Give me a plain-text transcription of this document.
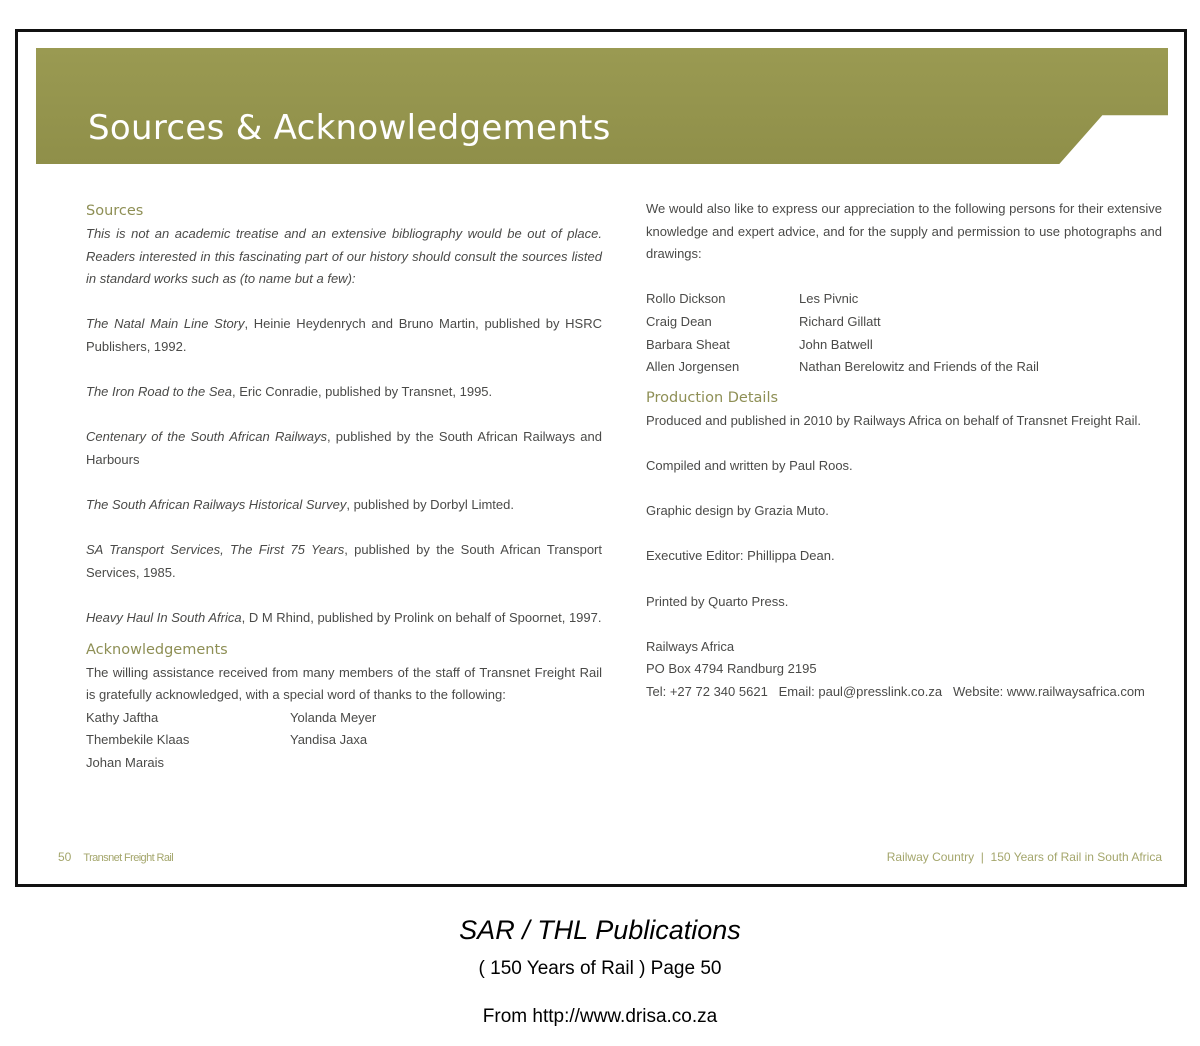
Sources & Acknowledgements
Sources

This is not an academic treatise and an extensive bibliography would be out of place. Readers interested in this fascinating part of our history should consult the sources listed in standard works such as (to name but a few):

The Natal Main Line Story, Heinie Heydenrych and Bruno Martin, published by HSRC Publishers, 1992.

The Iron Road to the Sea, Eric Conradie, published by Transnet, 1995.

Centenary of the South African Railways, published by the South African Railways and Harbours

The South African Railways Historical Survey, published by Dorbyl Limted.

SA Transport Services, The First 75 Years, published by the South African Transport Services, 1985.

Heavy Haul In South Africa, D M Rhind, published by Prolink on behalf of Spoornet, 1997.

Acknowledgements

The willing assistance received from many members of the staff of Transnet Freight Rail is gratefully acknowledged, with a special word of thanks to the following:

Kathy Jaftha	Yolanda Meyer
Thembekile Klaas	Yandisa Jaxa
Johan Marais

We would also like to express our appreciation to the following persons for their extensive knowledge and expert advice, and for the supply and permission to use photographs and drawings:

Rollo Dickson	Les Pivnic
Craig Dean	Richard Gillatt
Barbara Sheat	John Batwell
Allen Jorgensen	Nathan Berelowitz and Friends of the Rail
Production Details

Produced and published in 2010 by Railways Africa on behalf of Transnet Freight Rail.

Compiled and written by Paul Roos.

Graphic design by Grazia Muto.

Executive Editor: Phillippa Dean.

Printed by Quarto Press.

Railways Africa

PO Box 4794 Randburg 2195

Tel: +27 72 340 5621   Email: paul@presslink.co.za   Website: www.railwaysafrica.com

50 Transnet Freight Rail	Railway Country  |  150 Years of Rail in South Africa
SAR / THL Publications
( 150 Years of Rail ) Page 50
From http://www.drisa.co.za
